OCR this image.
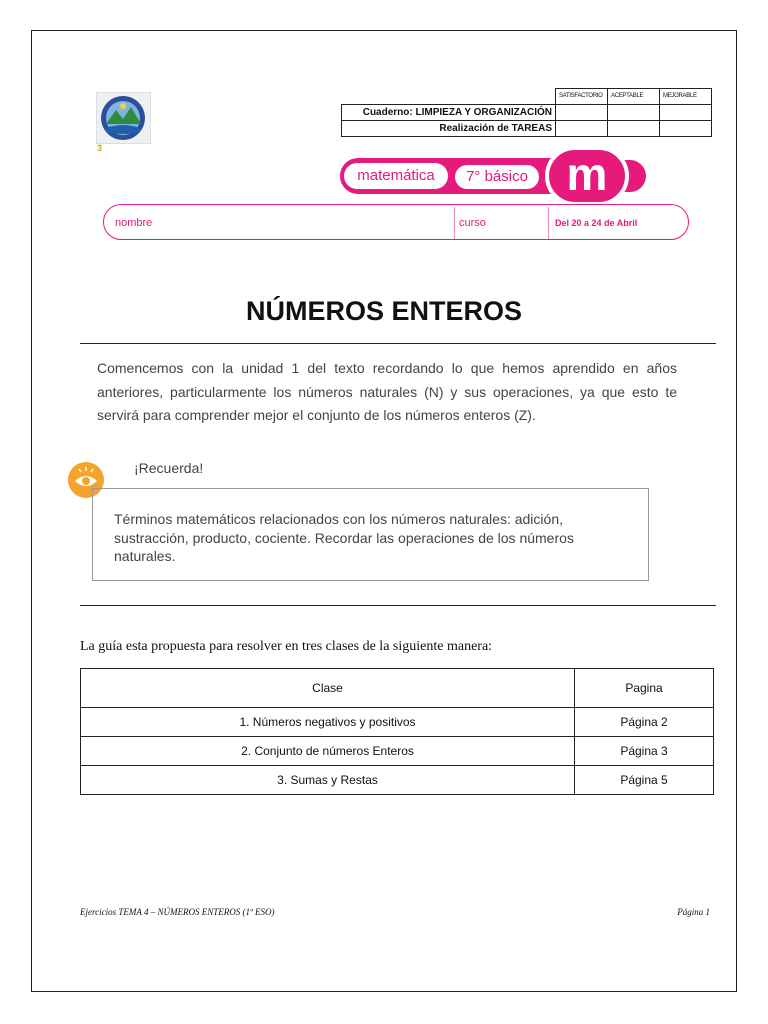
3
	SATISFACTORIO	ACEPTABLE	MEJORABLE
Cuaderno: LIMPIEZA Y ORGANIZACIÓN			
Realización de TAREAS			
matemática	7° básico m
nombre	curso	Del 20 a 24 de Abril
NÚMEROS ENTEROS
Comencemos con la unidad 1 del texto recordando lo que hemos aprendido en años anteriores, particularmente los números naturales (N) y sus operaciones, ya que esto te servirá para comprender mejor el conjunto de los números enteros (Z).
¡Recuerda!
Términos matemáticos relacionados con los números naturales: adición, sustracción, producto, cociente. Recordar las operaciones de los números naturales.
La guía esta propuesta para resolver en tres clases de la siguiente manera:
Clase	Pagina
1. Números negativos y positivos	Página 2
2. Conjunto de números Enteros	Página 3
3. Sumas y Restas	Página 5
Ejercicios TEMA 4 – NÚMEROS ENTEROS (1º ESO)	Página 1
